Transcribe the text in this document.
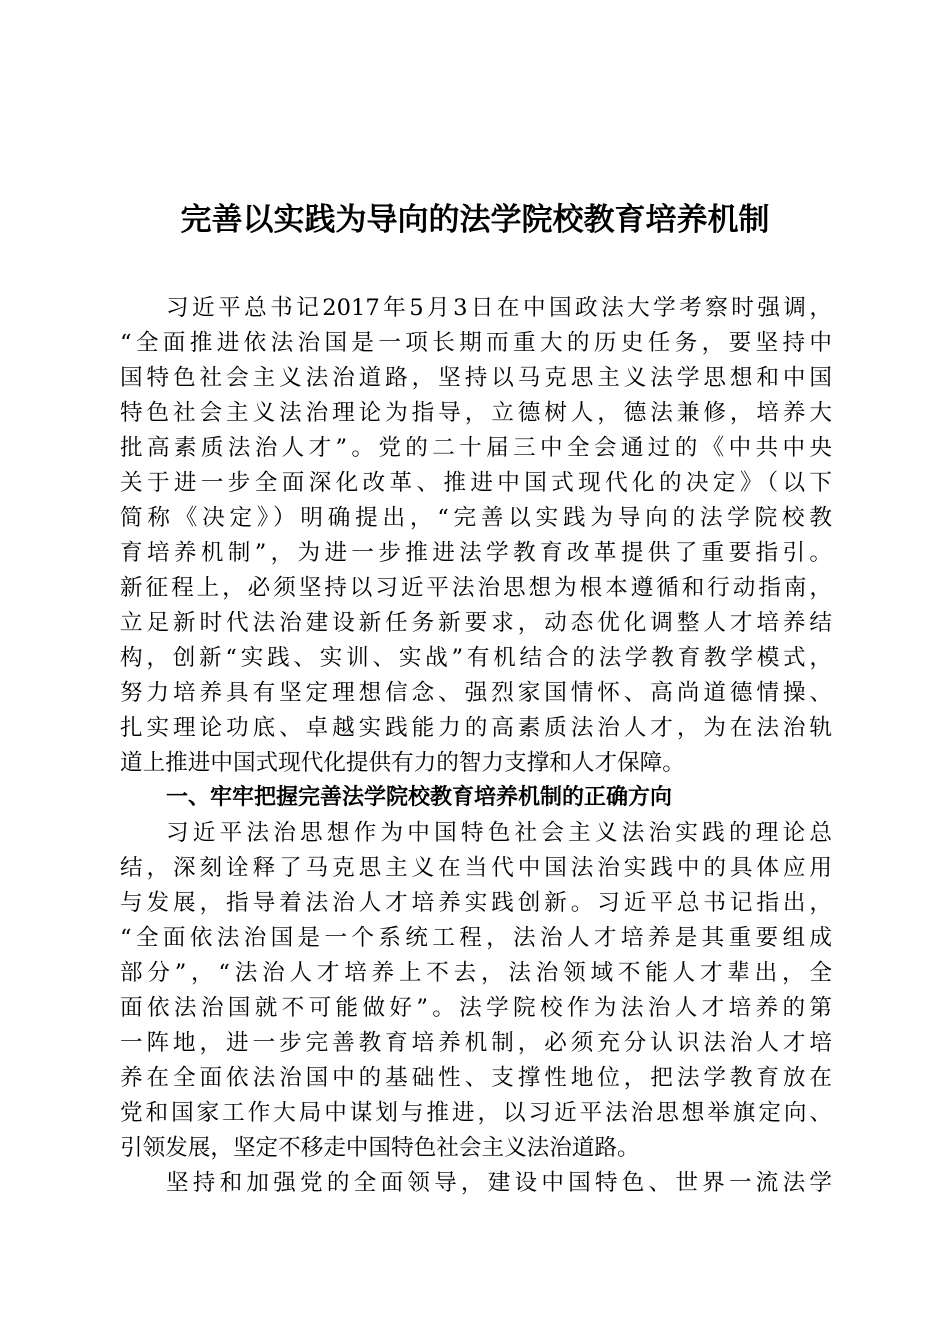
完善以实践为导向的法学院校教育培养机制
习近平总书记2017年5月3日在中国政法大学考察时强调，
“全面推进依法治国是一项长期而重大的历史任务，要坚持中
国特色社会主义法治道路，坚持以马克思主义法学思想和中国
特色社会主义法治理论为指导，立德树人，德法兼修，培养大
批高素质法治人才”。党的二十届三中全会通过的《中共中央
关于进一步全面深化改革、推进中国式现代化的决定》（以下
简称《决定》）明确提出，“完善以实践为导向的法学院校教
育培养机制”，为进一步推进法学教育改革提供了重要指引。
新征程上，必须坚持以习近平法治思想为根本遵循和行动指南，
立足新时代法治建设新任务新要求，动态优化调整人才培养结
构，创新“实践、实训、实战”有机结合的法学教育教学模式，
努力培养具有坚定理想信念、强烈家国情怀、高尚道德情操、
扎实理论功底、卓越实践能力的高素质法治人才，为在法治轨
道上推进中国式现代化提供有力的智力支撑和人才保障。
一、牢牢把握完善法学院校教育培养机制的正确方向
习近平法治思想作为中国特色社会主义法治实践的理论总
结，深刻诠释了马克思主义在当代中国法治实践中的具体应用
与发展，指导着法治人才培养实践创新。习近平总书记指出，
“全面依法治国是一个系统工程，法治人才培养是其重要组成
部分”，“法治人才培养上不去，法治领域不能人才辈出，全
面依法治国就不可能做好”。法学院校作为法治人才培养的第
一阵地，进一步完善教育培养机制，必须充分认识法治人才培
养在全面依法治国中的基础性、支撑性地位，把法学教育放在
党和国家工作大局中谋划与推进，以习近平法治思想举旗定向、
引领发展，坚定不移走中国特色社会主义法治道路。
坚持和加强党的全面领导，建设中国特色、世界一流法学
